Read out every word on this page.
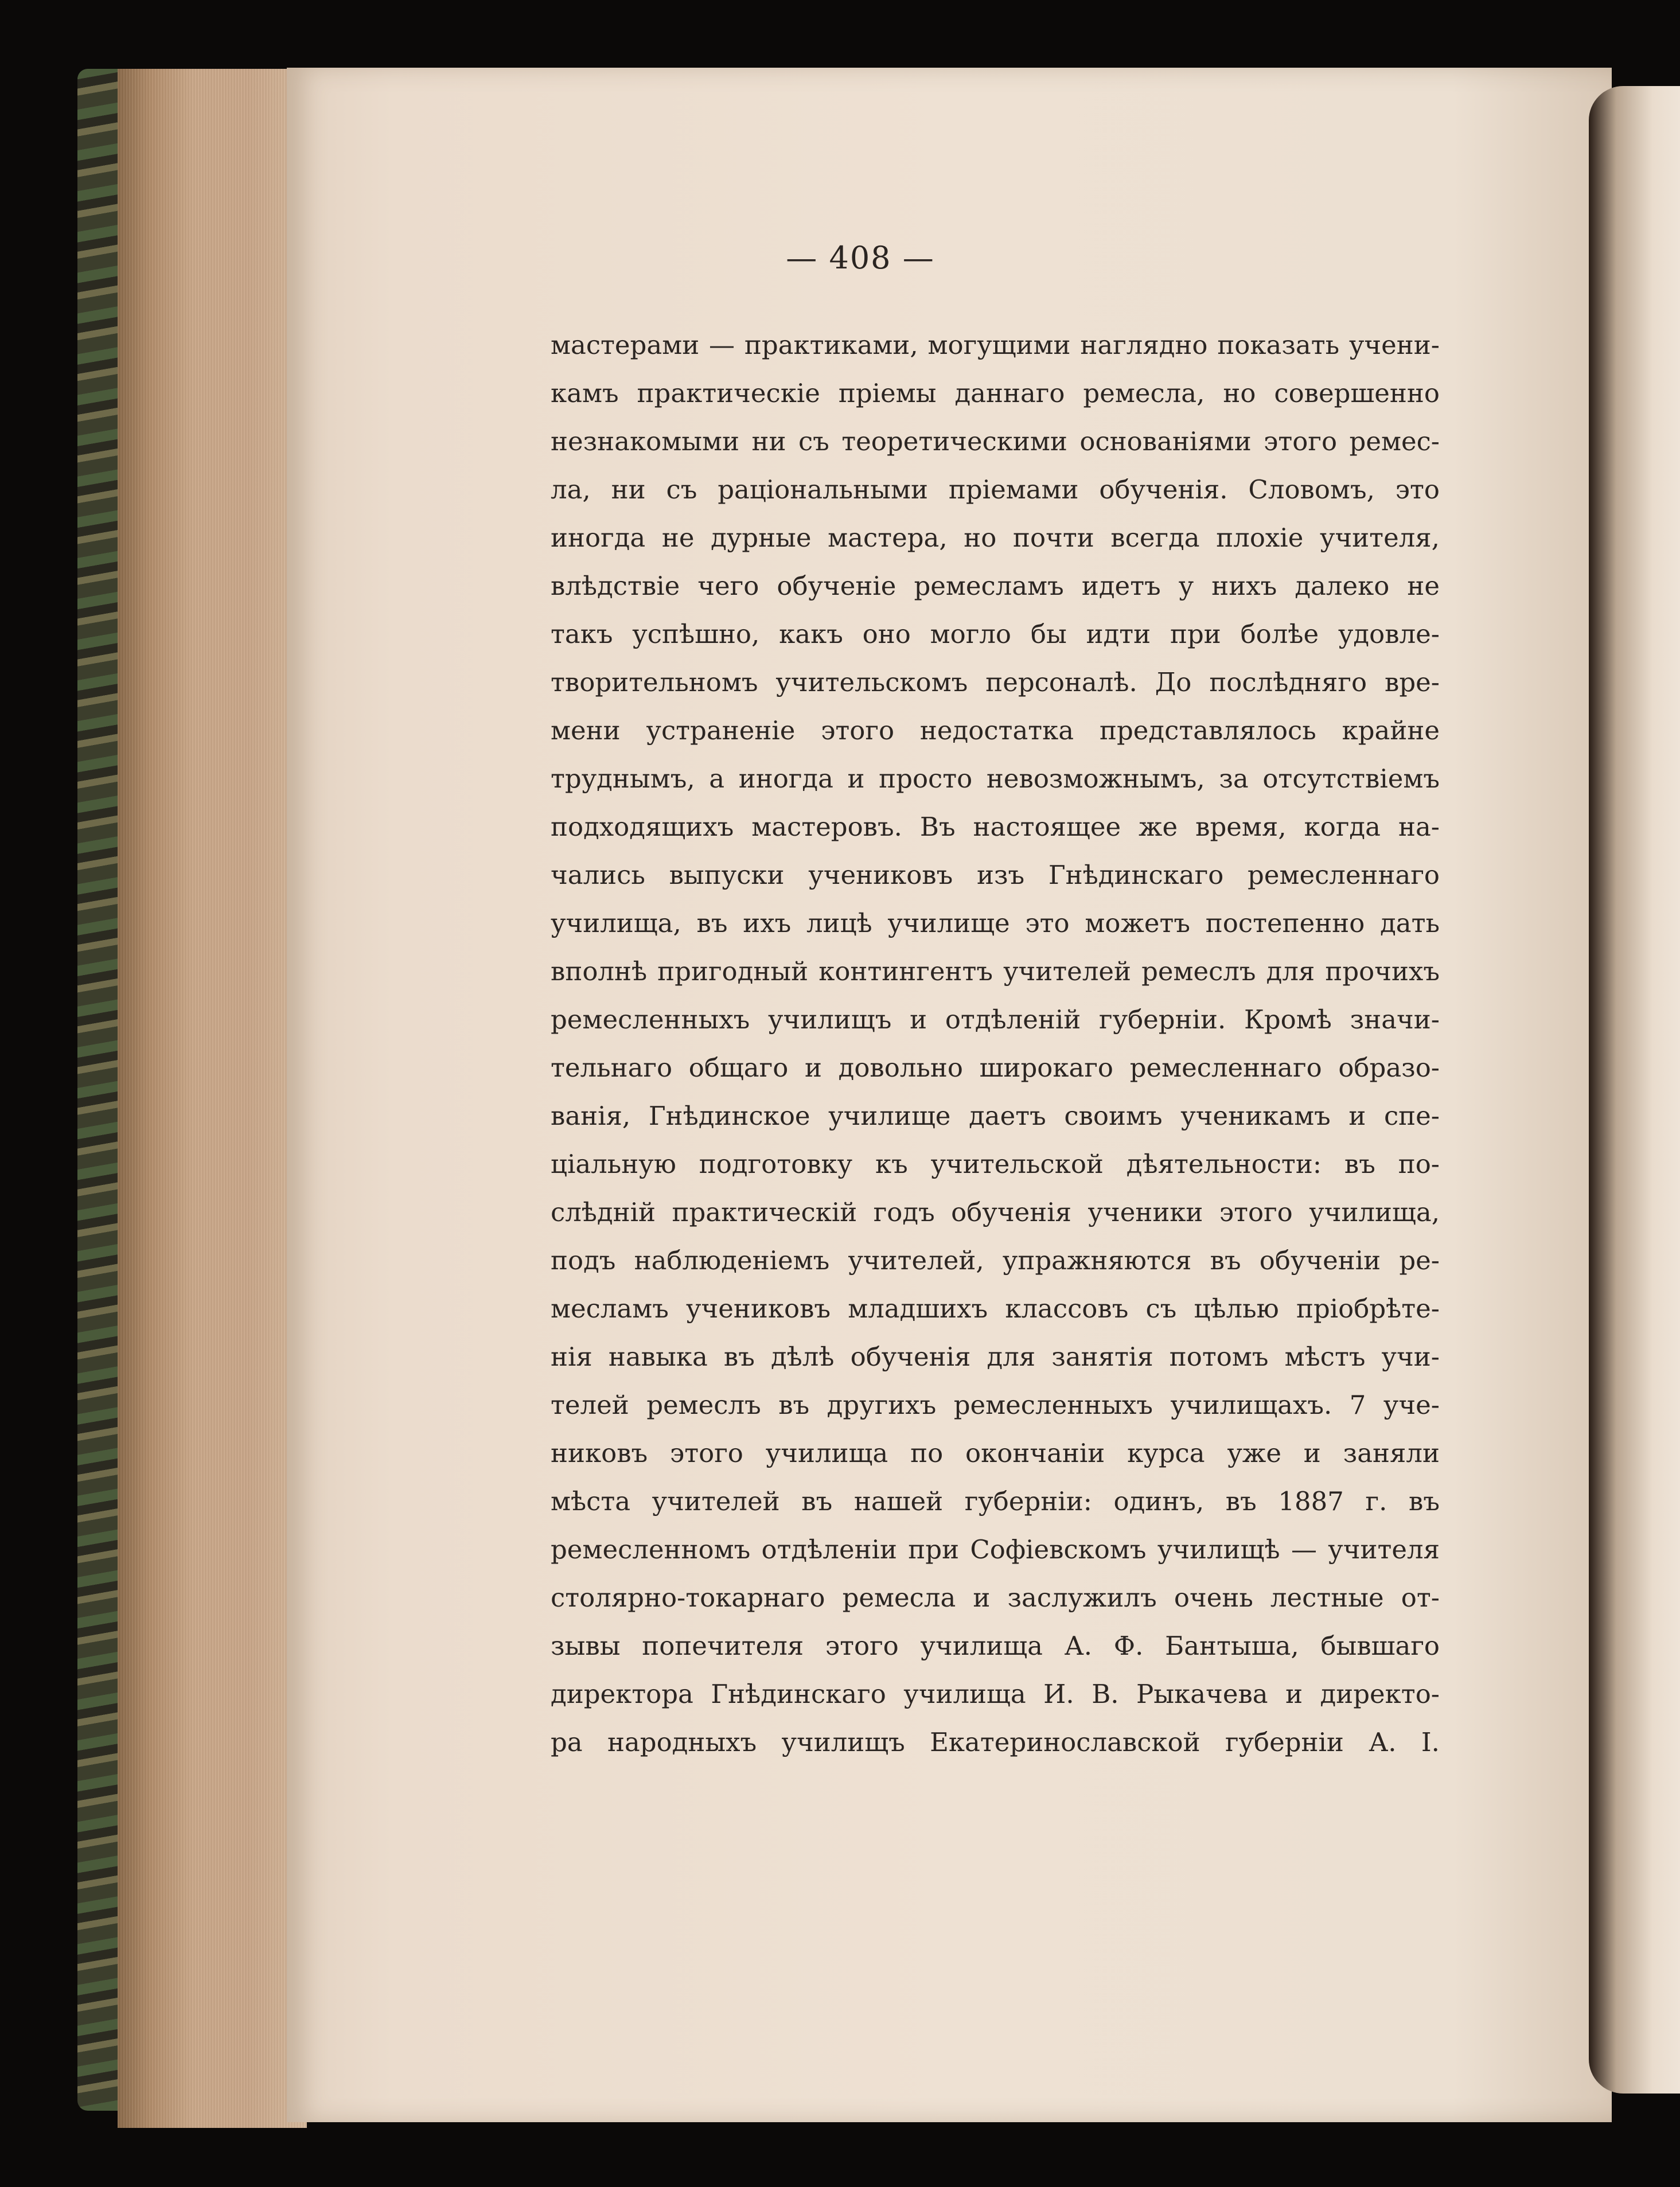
— 408 —
мастерами — практиками, могущими наглядно показать учени-
камъ практическіе пріемы даннаго ремесла, но совершенно
незнакомыми ни съ теоретическими основаніями этого ремес-
ла, ни съ раціональными пріемами обученія. Словомъ, это
иногда не дурные мастера, но почти всегда плохіе учителя,
влѣдствіе чего обученіе ремесламъ идетъ у нихъ далеко не
такъ успѣшно, какъ оно могло бы идти при болѣе удовле-
творительномъ учительскомъ персоналѣ. До послѣдняго вре-
мени устраненіе этого недостатка представлялось крайне
труднымъ, а иногда и просто невозможнымъ, за отсутствіемъ
подходящихъ мастеровъ. Въ настоящее же время, когда на-
чались выпуски учениковъ изъ Гнѣдинскаго ремесленнаго
училища, въ ихъ лицѣ училище это можетъ постепенно дать
вполнѣ пригодный контингентъ учителей ремеслъ для прочихъ
ремесленныхъ училищъ и отдѣленій губерніи. Кромѣ значи-
тельнаго общаго и довольно широкаго ремесленнаго образо-
ванія, Гнѣдинское училище даетъ своимъ ученикамъ и спе-
ціальную подготовку къ учительской дѣятельности: въ по-
слѣдній практическій годъ обученія ученики этого училища,
подъ наблюденіемъ учителей, упражняются въ обученіи ре-
месламъ учениковъ младшихъ классовъ съ цѣлью пріобрѣте-
нія навыка въ дѣлѣ обученія для занятія потомъ мѣстъ учи-
телей ремеслъ въ другихъ ремесленныхъ училищахъ. 7 уче-
никовъ этого училища по окончаніи курса уже и заняли
мѣста учителей въ нашей губерніи: одинъ, въ 1887 г. въ
ремесленномъ отдѣленіи при Софіевскомъ училищѣ — учителя
столярно-токарнаго ремесла и заслужилъ очень лестные от-
зывы попечителя этого училища А. Ф. Бантыша, бывшаго
директора Гнѣдинскаго училища И. В. Рыкачева и директо-
ра народныхъ училищъ Екатеринославской губерніи А. І.
